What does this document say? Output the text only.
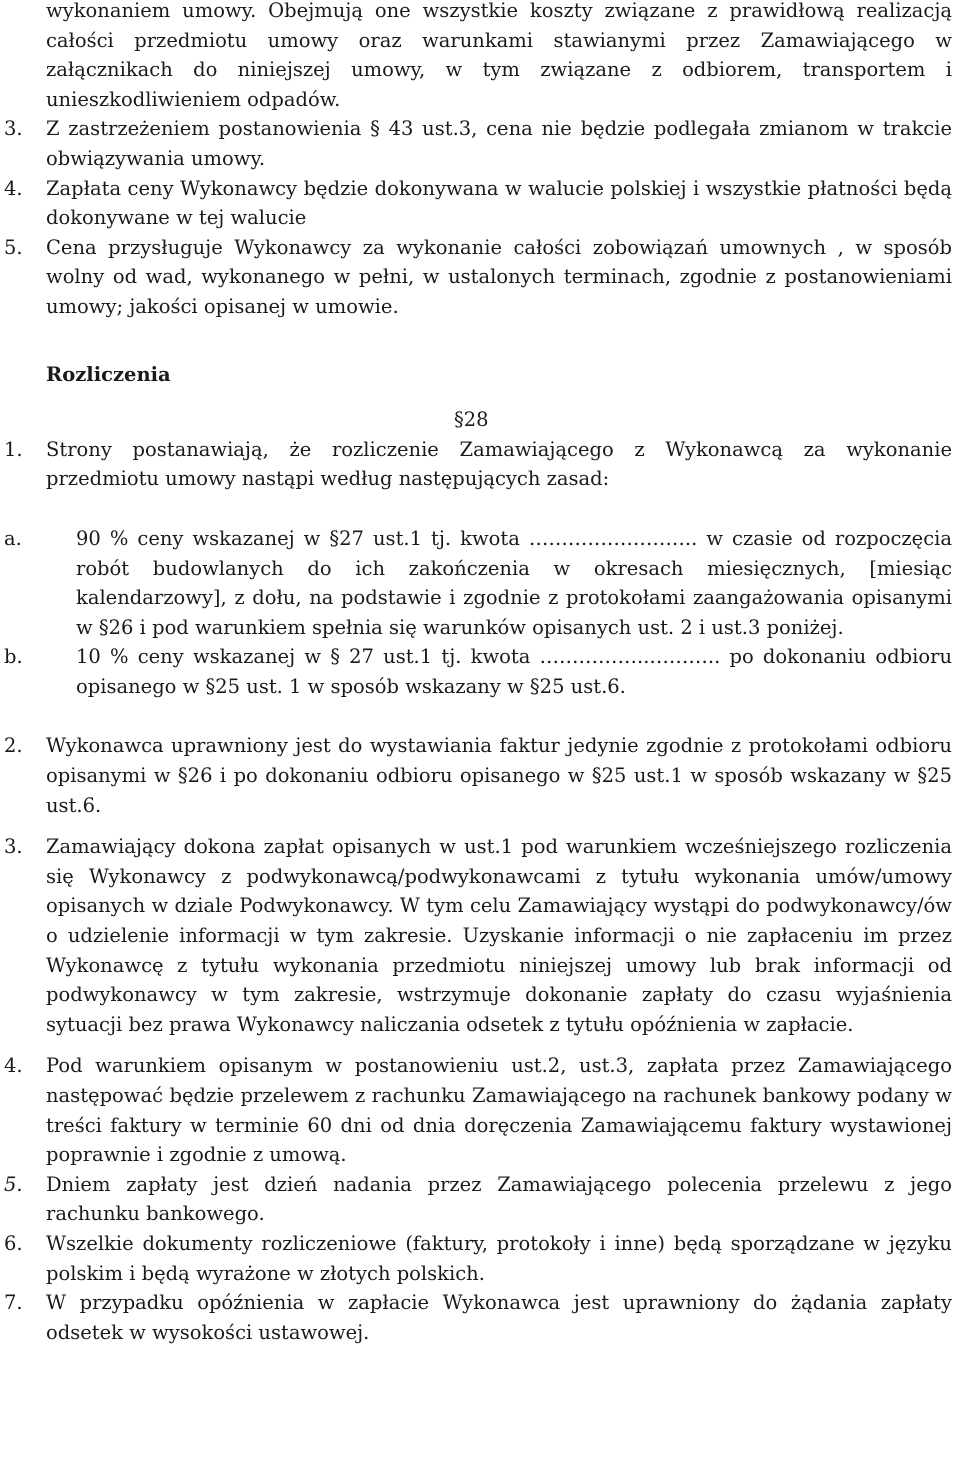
wykonaniem umowy. Obejmują one wszystkie koszty związane z prawidłową realizacją całości przedmiotu umowy oraz warunkami stawianymi przez Zamawiającego w załącznikach do niniejszej umowy, w tym związane z odbiorem, transportem i unieszkodliwieniem odpadów.
3.	Z zastrzeżeniem postanowienia § 43 ust.3, cena nie będzie podlegała zmianom w trakcie obwiązywania umowy.
4.	Zapłata ceny Wykonawcy będzie dokonywana w walucie polskiej i wszystkie płatności będą dokonywane w tej walucie
5.	Cena przysługuje Wykonawcy za wykonanie całości zobowiązań umownych , w sposób wolny od wad, wykonanego w pełni, w ustalonych terminach, zgodnie z postanowieniami umowy; jakości opisanej w umowie.
Rozliczenia
§28
1.	Strony postanawiają, że rozliczenie Zamawiającego z Wykonawcą za wykonanie przedmiotu umowy nastąpi według następujących zasad:
a.	90 % ceny wskazanej w §27 ust.1 tj. kwota …………………….. w czasie od rozpoczęcia robót budowlanych do ich zakończenia w okresach miesięcznych, [miesiąc kalendarzowy], z dołu, na podstawie i zgodnie z protokołami zaangażowania opisanymi w §26 i pod warunkiem spełnia się warunków opisanych ust. 2 i ust.3 poniżej.
b.	10 % ceny wskazanej w § 27 ust.1 tj. kwota ……………..……….. po dokonaniu odbioru opisanego w §25 ust. 1 w sposób wskazany w §25 ust.6.
2.	Wykonawca uprawniony jest do wystawiania faktur jedynie zgodnie z protokołami odbioru opisanymi w §26 i po dokonaniu odbioru opisanego w §25 ust.1 w sposób wskazany w §25 ust.6.
3.	Zamawiający dokona zapłat opisanych w ust.1 pod warunkiem wcześniejszego rozliczenia się Wykonawcy z podwykonawcą/podwykonawcami z tytułu wykonania umów/umowy opisanych w dziale Podwykonawcy. W tym celu Zamawiający wystąpi do podwykonawcy/ów o udzielenie informacji w tym zakresie. Uzyskanie informacji o nie zapłaceniu im przez Wykonawcę z tytułu wykonania przedmiotu niniejszej umowy lub brak informacji od podwykonawcy w tym zakresie, wstrzymuje dokonanie zapłaty do czasu wyjaśnienia sytuacji bez prawa Wykonawcy naliczania odsetek z tytułu opóźnienia w zapłacie.
4.	Pod warunkiem opisanym w postanowieniu ust.2, ust.3, zapłata przez Zamawiającego następować będzie przelewem z rachunku Zamawiającego na rachunek bankowy podany w treści faktury w terminie 60 dni od dnia doręczenia Zamawiającemu faktury wystawionej poprawnie i zgodnie z umową.
5.	Dniem zapłaty jest dzień nadania przez Zamawiającego polecenia przelewu z jego rachunku bankowego.
6.	Wszelkie dokumenty rozliczeniowe (faktury, protokoły i inne) będą sporządzane w języku polskim i będą wyrażone w złotych polskich.
7.	W przypadku opóźnienia w zapłacie Wykonawca jest uprawniony do żądania zapłaty odsetek w wysokości ustawowej.
